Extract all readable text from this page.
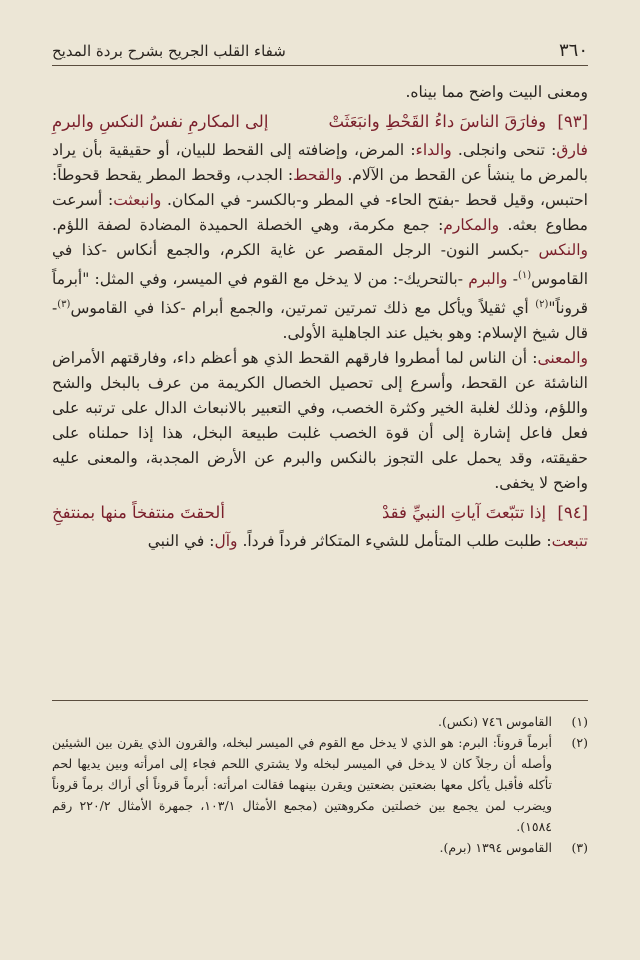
٣٦٠
شفاء القلب الجريح بشرح بردة المديح

ومعنى البيت واضح مما بيناه.

[٩٣] وفارَقَ الناسَ داءُ القَحْطِ وانبَعَثَتْ
إلى المكارمِ نفسُ النكسِ والبرمِ

فارق: تنحى وانجلى. والداء: المرض، وإضافته إلى القحط للبيان، أو حقيقية بأن يراد بالمرض ما ينشأ عن القحط من الآلام. والقحط: الجدب، وقحط المطر يقحط قحوطاً: احتبس، وقيل قحط -بفتح الحاء- في المطر و-بالكسر- في المكان. وانبعثت: أسرعت مطاوع بعثه. والمكارم: جمع مكرمة، وهي الخصلة الحميدة المضادة لصفة اللؤم. والنكس -بكسر النون- الرجل المقصر عن غاية الكرم، والجمع أنكاس -كذا في القاموس$^{(١)}$- والبرم -بالتحريك-: من لا يدخل مع القوم في الميسر، وفي المثل: "أبرماً قروناً"$^{(٢)}$ أي ثقيلاً ويأكل مع ذلك تمرتين تمرتين، والجمع أبرام -كذا في القاموس$^{(٣)}$- قال شيخ الإسلام: وهو بخيل عند الجاهلية الأولى.

والمعنى: أن الناس لما أمطروا فارقهم القحط الذي هو أعظم داء، وفارقتهم الأمراض الناشئة عن القحط، وأسرع إلى تحصيل الخصال الكريمة من عرف بالبخل والشح واللؤم، وذلك لغلبة الخير وكثرة الخصب، وفي التعبير بالانبعاث الدال على ترتبه على فعل فاعل إشارة إلى أن قوة الخصب غلبت طبيعة البخل، هذا إذا حملناه على حقيقته، وقد يحمل على التجوز بالنكس والبرم عن الأرض المجدبة، والمعنى عليه واضح لا يخفى.

[٩٤] إذا تتبّعتَ آياتِ النبيِّ فقدْ
ألحقتَ منتفخاً منها بمنتفخِ

تتبعت: طلبت طلب المتأمل للشيء المتكاثر فرداً فرداً. وآل: في النبي

(١)
القاموس ٧٤٦ (نكس).

(٢)
أبرماً قروناً: البرم: هو الذي لا يدخل مع القوم في الميسر لبخله، والقرون الذي يقرن بين الشيئين وأصله أن رجلاً كان لا يدخل في الميسر لبخله ولا يشتري اللحم فجاء إلى امرأته وبين يديها لحم تأكله فأقبل يأكل معها بضعتين بضعتين ويقرن بينهما فقالت امرأته: أبرماً قروناً أي أراك برماً قروناً ويضرب لمن يجمع بين خصلتين مكروهتين (مجمع الأمثال ١٠٣/١، جمهرة الأمثال ٢٢٠/٢ رقم ١٥٨٤).

(٣)
القاموس ١٣٩٤ (برم).
